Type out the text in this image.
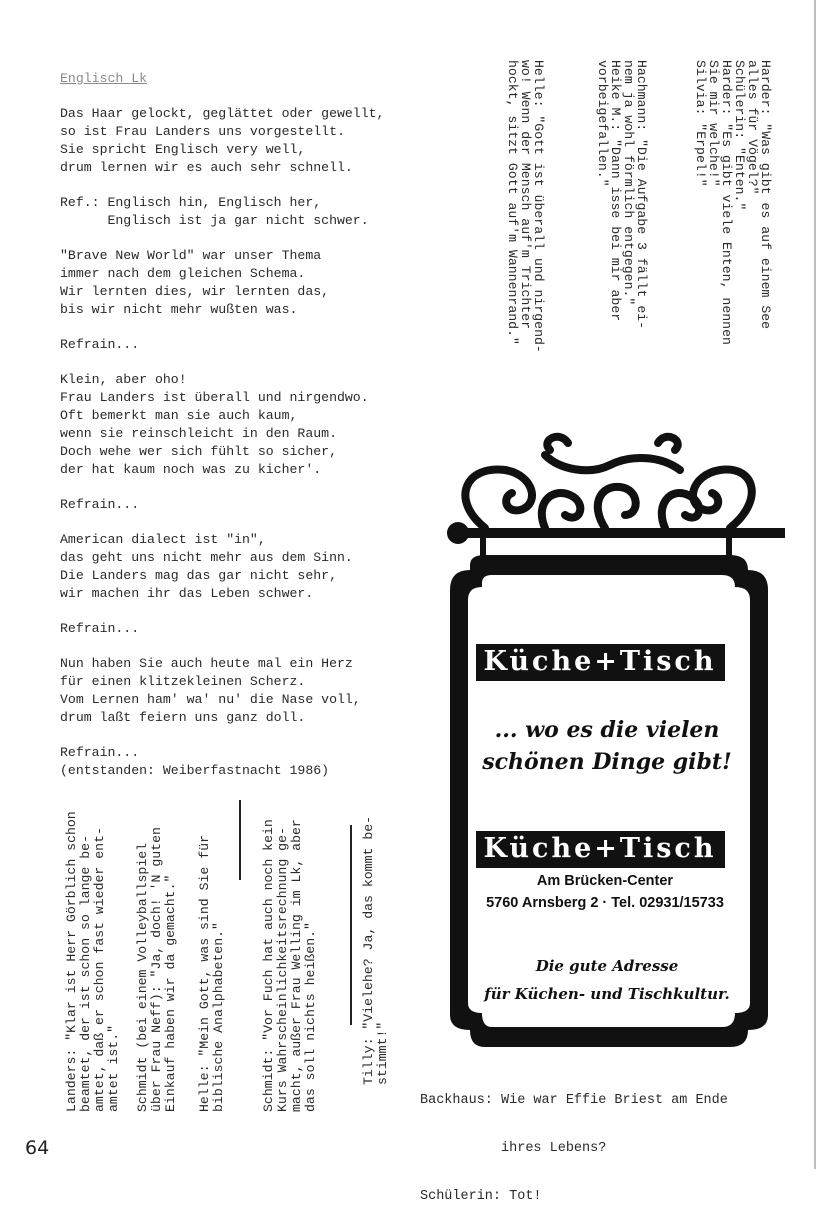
Englisch Lk
Das Haar gelockt, geglättet oder gewellt,
so ist Frau Landers uns vorgestellt.
Sie spricht Englisch very well,
drum lernen wir es auch sehr schnell.
Ref.: Englisch hin, Englisch her,
Englisch ist ja gar nicht schwer.
"Brave New World" war unser Thema
immer nach dem gleichen Schema.
Wir lernten dies, wir lernten das,
bis wir nicht mehr wußten was.
Refrain...
Klein, aber oho!
Frau Landers ist überall und nirgendwo.
Oft bemerkt man sie auch kaum,
wenn sie reinschleicht in den Raum.
Doch wehe wer sich fühlt so sicher,
der hat kaum noch was zu kicher'.
Refrain...
American dialect ist "in",
das geht uns nicht mehr aus dem Sinn.
Die Landers mag das gar nicht sehr,
wir machen ihr das Leben schwer.
Refrain...
Nun haben Sie auch heute mal ein Herz
für einen klitzekleinen Scherz.
Vom Lernen ham' wa' nu' die Nase voll,
drum laßt feiern uns ganz doll.
Refrain...
(entstanden: Weiberfastnacht 1986)
Harder: "Was gibt es auf einem See
alles für Vögel?"
Schülerin: "Enten."
Harder: "Es gibt viele Enten, nennen
Sie mir welche!"
Silvia: "Erpel!"
Hachmann: "Die Aufgabe 3 fällt ei-
nem ja wohl förmlich entgegen."
Heike M.: "Dann isse bei mir aber
vorbeigefallen."
Helle: "Gott ist überall und nirgend-
wo! Wenn der Mensch auf'm Trichter
hockt, sitzt Gott auf'm Wannenrand."
Landers: "Klar ist Herr Görblich schon beamtet, der ist schon so lange be- amtet, daß er schon fast wieder ent- amtet ist." Schmidt (bei einem Volleyballspiel über Frau Neff): "Ja, doch! 'N guten Einkauf haben wir da gemacht." Helle: "Mein Gott, was sind Sie für biblische Analphabeten."	Schmidt: "Vor Fuch hat auch noch kein Kurs Wahrscheinlichkeitsrechnung ge- macht, außer Frau Welling im Lk, aber das soll nichts heißen."	Tilly: "Vielehe? Ja, das kommt be- stimmt!"
Küche+Tisch
... wo es die vielen
schönen Dinge gibt!
Küche+Tisch
Am Brücken-Center
5760 Arnsberg 2 · Tel. 02931/15733
Die gute Adresse
für Küchen- und Tischkultur.

Backhaus: Wie war Effie Briest am Ende

ihres Lebens?

Schülerin: Tot!

64
